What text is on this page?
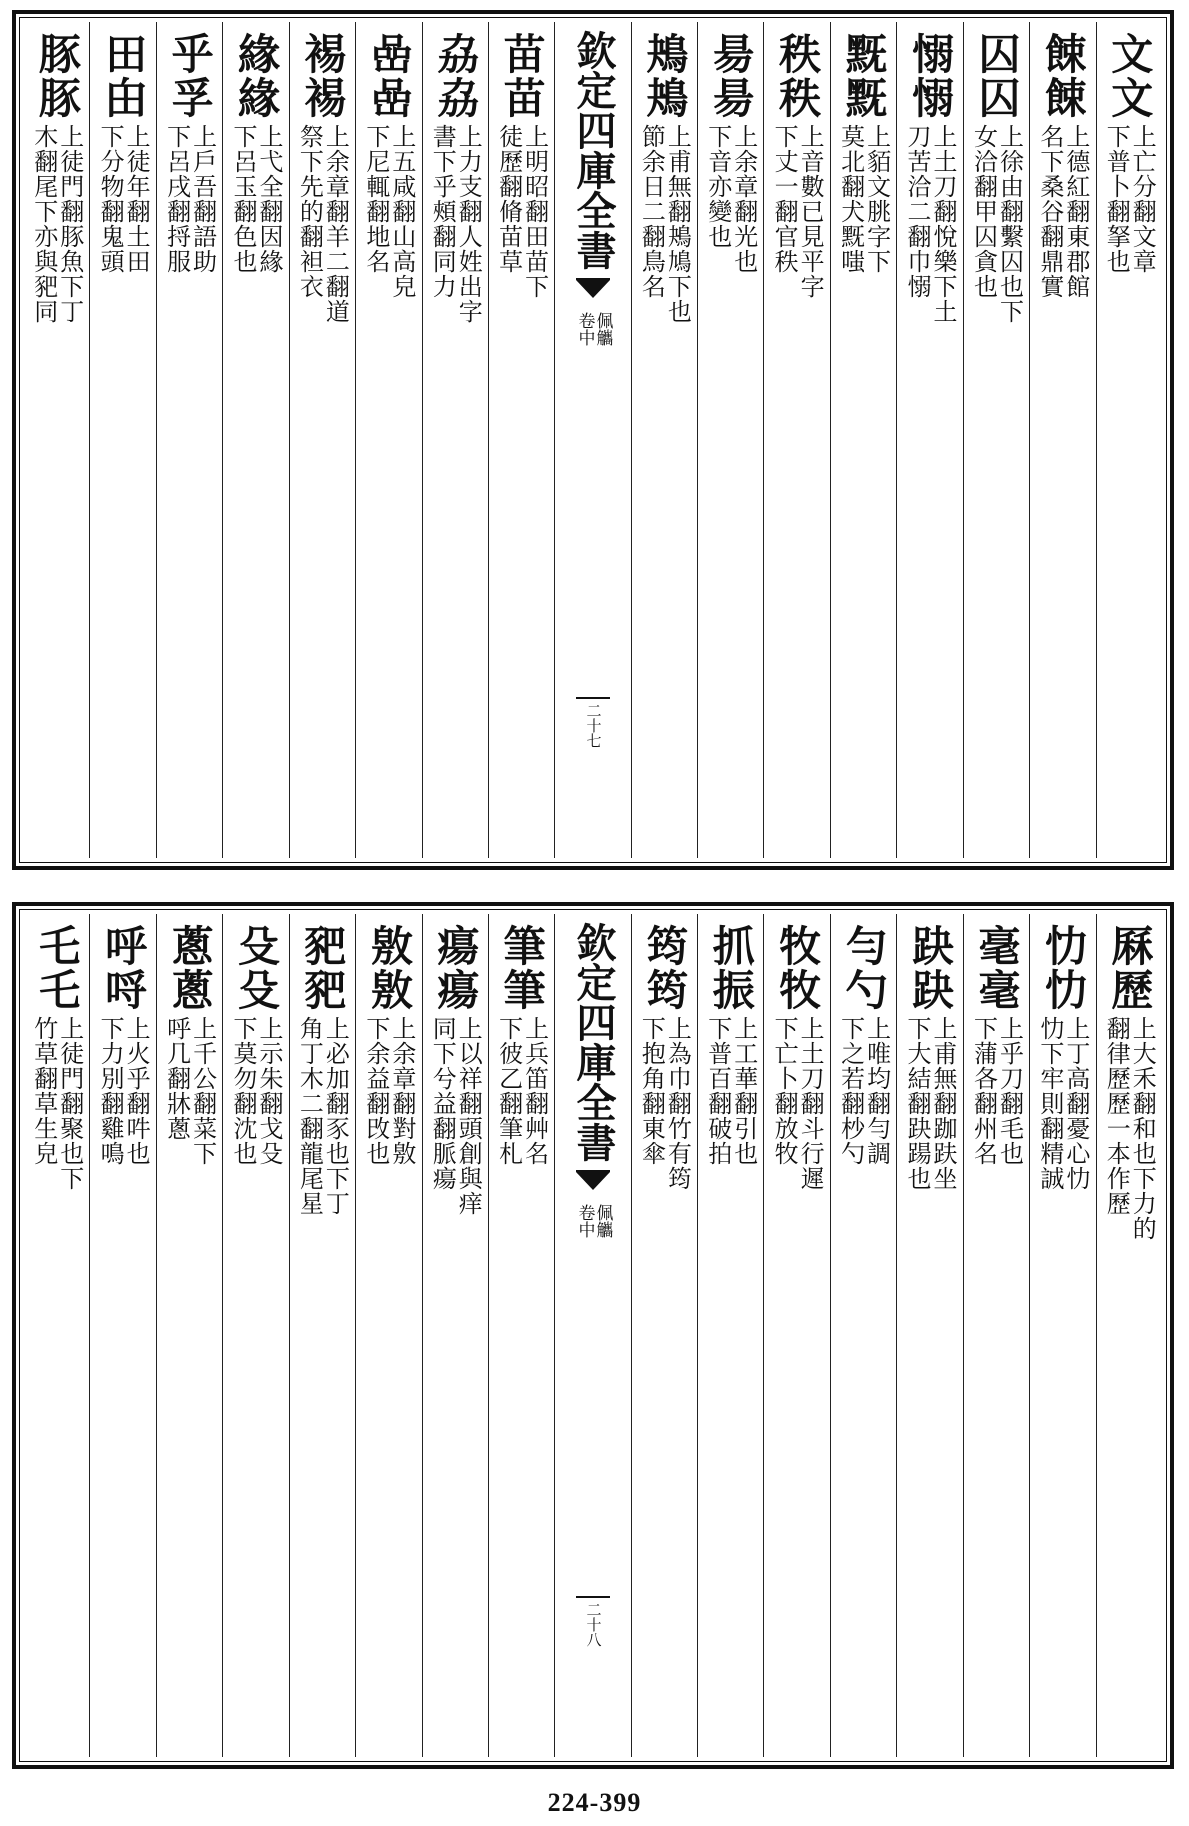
文文
上亡分翻文章
下普卜翻拏也
餗餗
上德紅翻東郡館
名下桑谷翻鼎實
囚囚
上徐由翻繫囚也下
女洽翻甲囚貪也
愵愵
上土刀翻悅樂下土
刀苦洽二翻巾愵
黖黖
上貊文朓字下
莫北翻犬黖嗤
秩秩
上音數已見平字
下丈一翻官秩
昜昜
上余章翻光也
下音亦變也
鴂鴂
上甫無翻鴂鳩下也
節余日二翻鳥名
欽定四庫全書
佩觿
卷中
二十七
苗苗
上明昭翻田苗下
徒歷翻脩苗草
劦劦
上力支翻人姓出字
書下乎頰翻同力
嵒嵒
上五咸翻山高皃
下尼輒翻地名
裼裼
上余章翻羊二翻道
祭下先的翻袒衣
緣緣
上弋全翻因緣
下呂玉翻色也
乎孚
上戶吾翻語助
下呂戌翻捋服
田甶
上徒年翻土田
下分物翻鬼頭
豚豚
上徒門翻豚魚下丁
木翻尾下亦與豝同
厤歷
上大禾翻和也下力的
翻律歷歷一本作歷
忇忇
上丁高翻憂心忇
忇下牢則翻精誠
毫毫
上乎刀翻毛也
下蒲各翻州名
趹趹
上甫無翻跏趺坐
下大結翻趹踼也
勻勺
上唯均翻勻調
下之若翻杪勺
牧牧
上土刀翻斗行遲
下亡卜翻放牧
抓振
上工華翻引也
下普百翻破拍
筠筠
上為巾翻竹有筠
下抱角翻東傘
欽定四庫全書
佩觿
卷中
二十八
筆筆
上兵笛翻艸名
下彼乙翻筆札
瘍瘍
上以祥翻頭創與痒
同下兮益翻脈瘍
敫敫
上余章翻對敫
下余益翻攺也
豝豝
上必加翻豕也下丁
角丁木二翻龍尾星
殳殳
上示朱翻戈殳
下莫勿翻沈也
蔥蔥
上千公翻菜下
呼几翻牀蔥
呼哷
上火乎翻吽也
下力別翻雞鳴
乇乇
上徒門翻聚也下
竹草翻草生皃
224-399
